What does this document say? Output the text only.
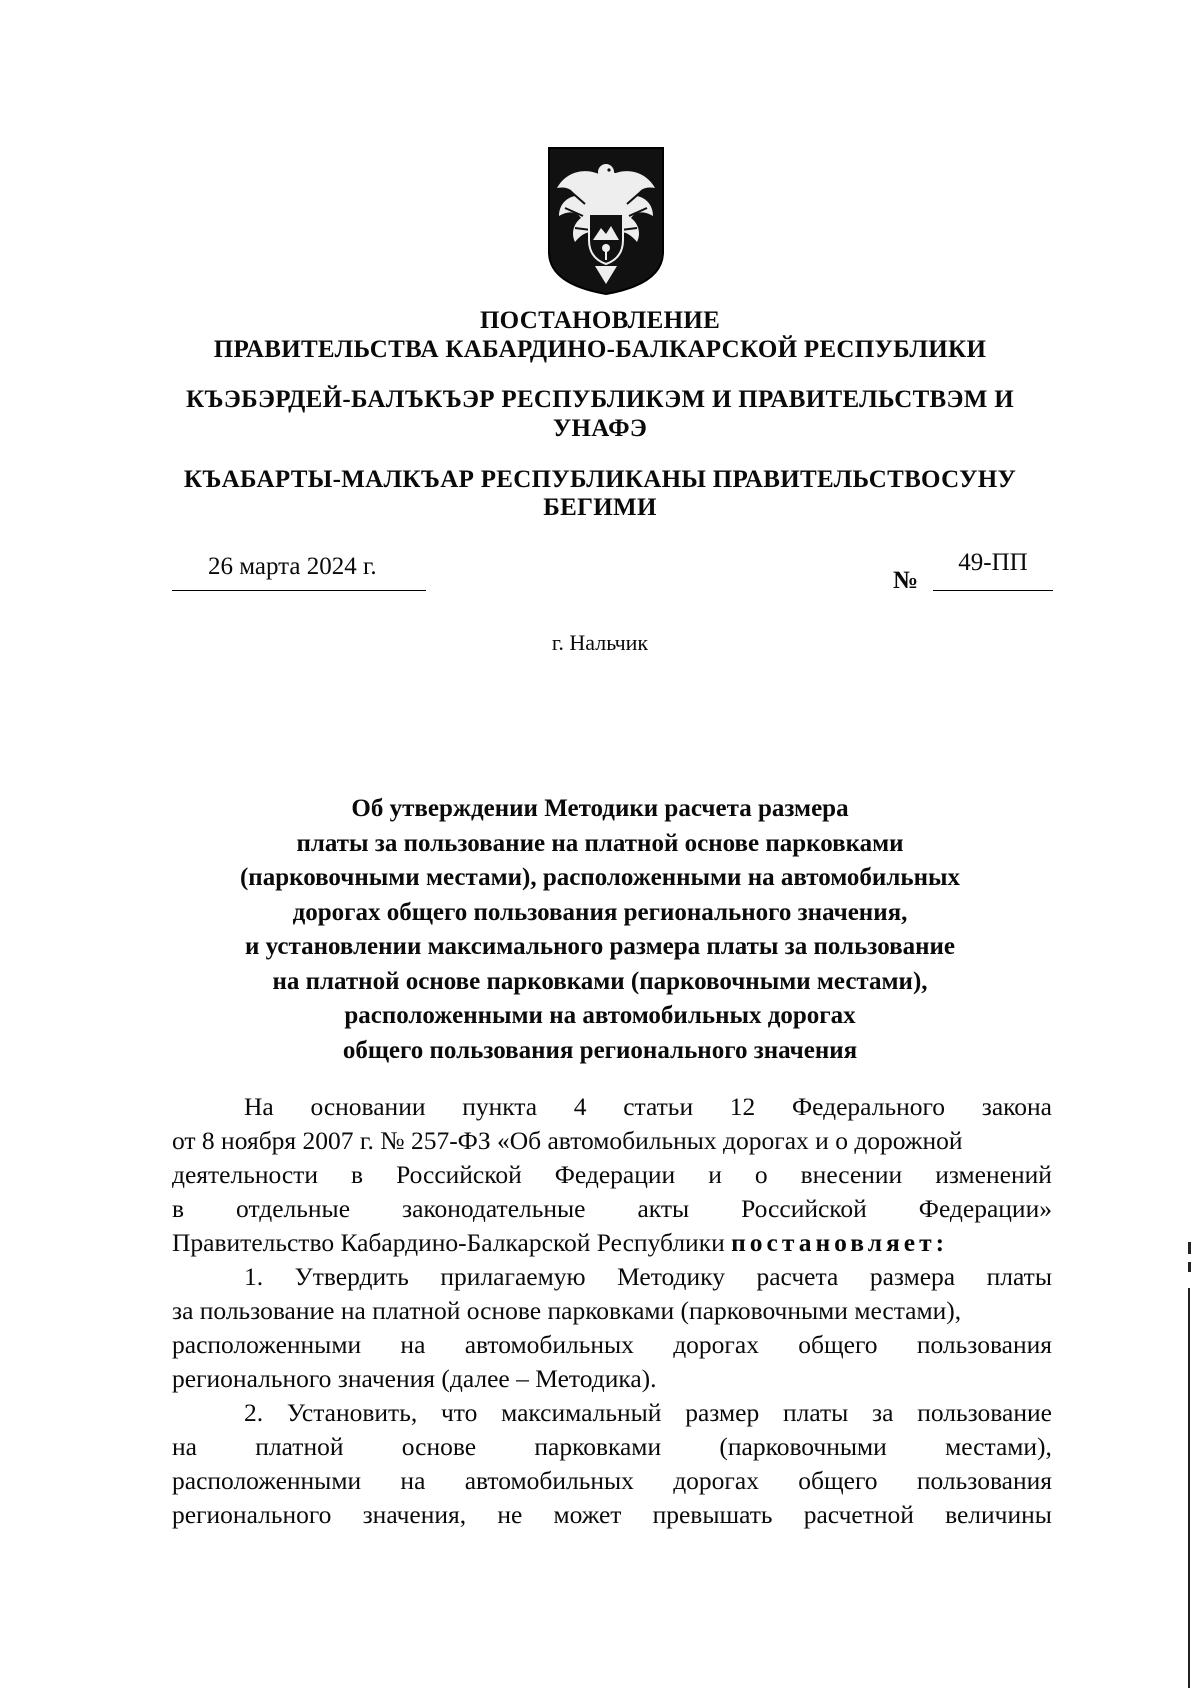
ПОСТАНОВЛЕНИЕ
ПРАВИТЕЛЬСТВА КАБАРДИНО-БАЛКАРСКОЙ РЕСПУБЛИКИ
КЪЭБЭРДЕЙ-БАЛЪКЪЭР РЕСПУБЛИКЭМ И ПРАВИТЕЛЬСТВЭМ И
УНАФЭ
КЪАБАРТЫ-МАЛКЪАР РЕСПУБЛИКАНЫ ПРАВИТЕЛЬСТВОСУНУ
БЕГИМИ
26 марта 2024 г.
№
49-ПП
г. Нальчик
Об утверждении Методики расчета размера
платы за пользование на платной основе парковками
(парковочными местами), расположенными на автомобильных
дорогах общего пользования регионального значения,
и установлении максимального размера платы за пользование
на платной основе парковками (парковочными местами),
расположенными на автомобильных дорогах
общего пользования регионального значения
На основании пункта 4 статьи 12 Федерального закона
от 8 ноября 2007 г. № 257-ФЗ «Об автомобильных дорогах и о дорожной
деятельности в Российской Федерации и о внесении изменений
в отдельные законодательные акты Российской Федерации»
Правительство Кабардино-Балкарской Республики постановляет:
1. Утвердить прилагаемую Методику расчета размера платы
за пользование на платной основе парковками (парковочными местами),
расположенными на автомобильных дорогах общего пользования
регионального значения (далее – Методика).
2. Установить, что максимальный размер платы за пользование
на платной основе парковками (парковочными местами),
расположенными на автомобильных дорогах общего пользования
регионального значения, не может превышать расчетной величины
